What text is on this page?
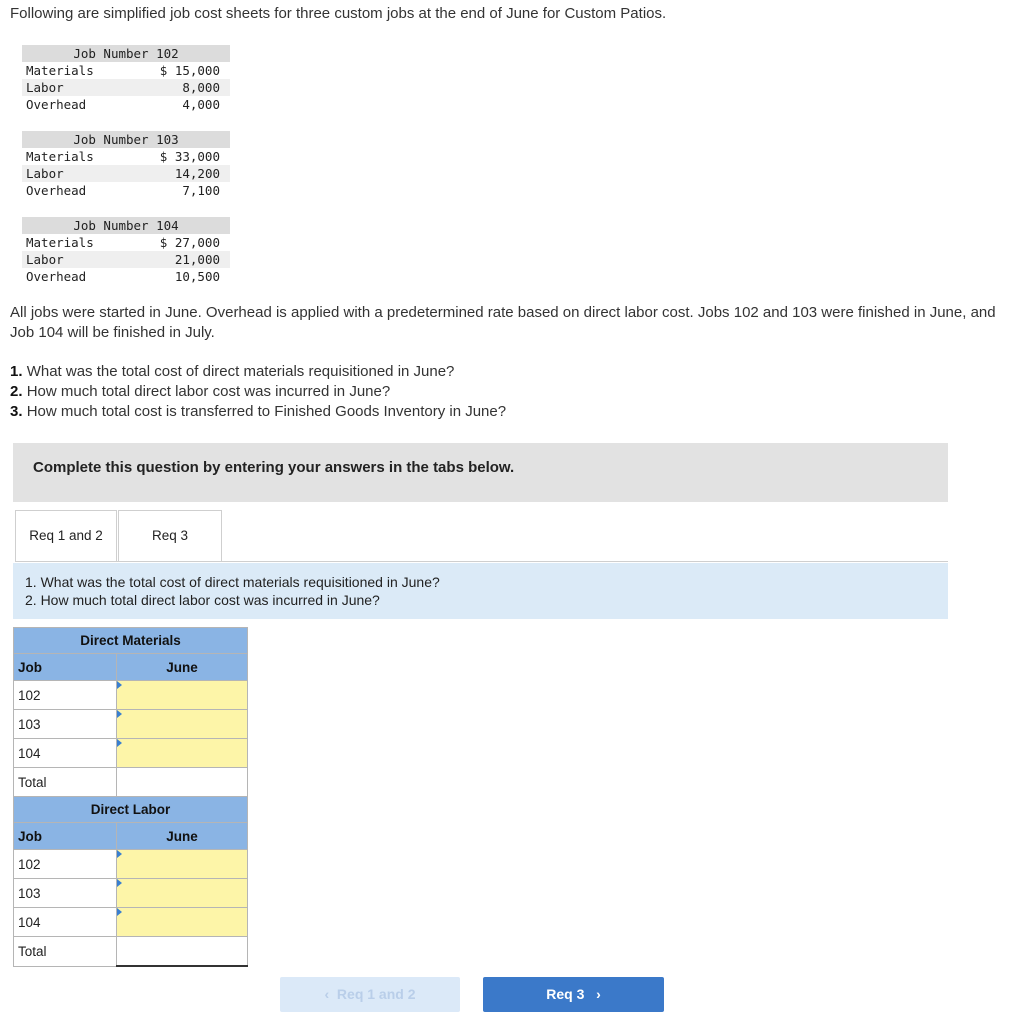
Following are simplified job cost sheets for three custom jobs at the end of June for Custom Patios.
Job Number 102
Materials	$ 15,000
Labor	8,000
Overhead	4,000
Job Number 103
Materials	$ 33,000
Labor	14,200
Overhead	7,100
Job Number 104
Materials	$ 27,000
Labor	21,000
Overhead	10,500
All jobs were started in June. Overhead is applied with a predetermined rate based on direct labor cost. Jobs 102 and 103 were finished in June, and Job 104 will be finished in July.
1. What was the total cost of direct materials requisitioned in June?
2. How much total direct labor cost was incurred in June?
3. How much total cost is transferred to Finished Goods Inventory in June?
Complete this question by entering your answers in the tabs below.
Req 1 and 2	Req 3
1. What was the total cost of direct materials requisitioned in June?
2. How much total direct labor cost was incurred in June?
Direct Materials	
Job	June
102	
103	
104	
Total	
Direct Labor	
Job	June
102	
103	
104	
Total	
‹ Req 1 and 2	Req 3 ›
